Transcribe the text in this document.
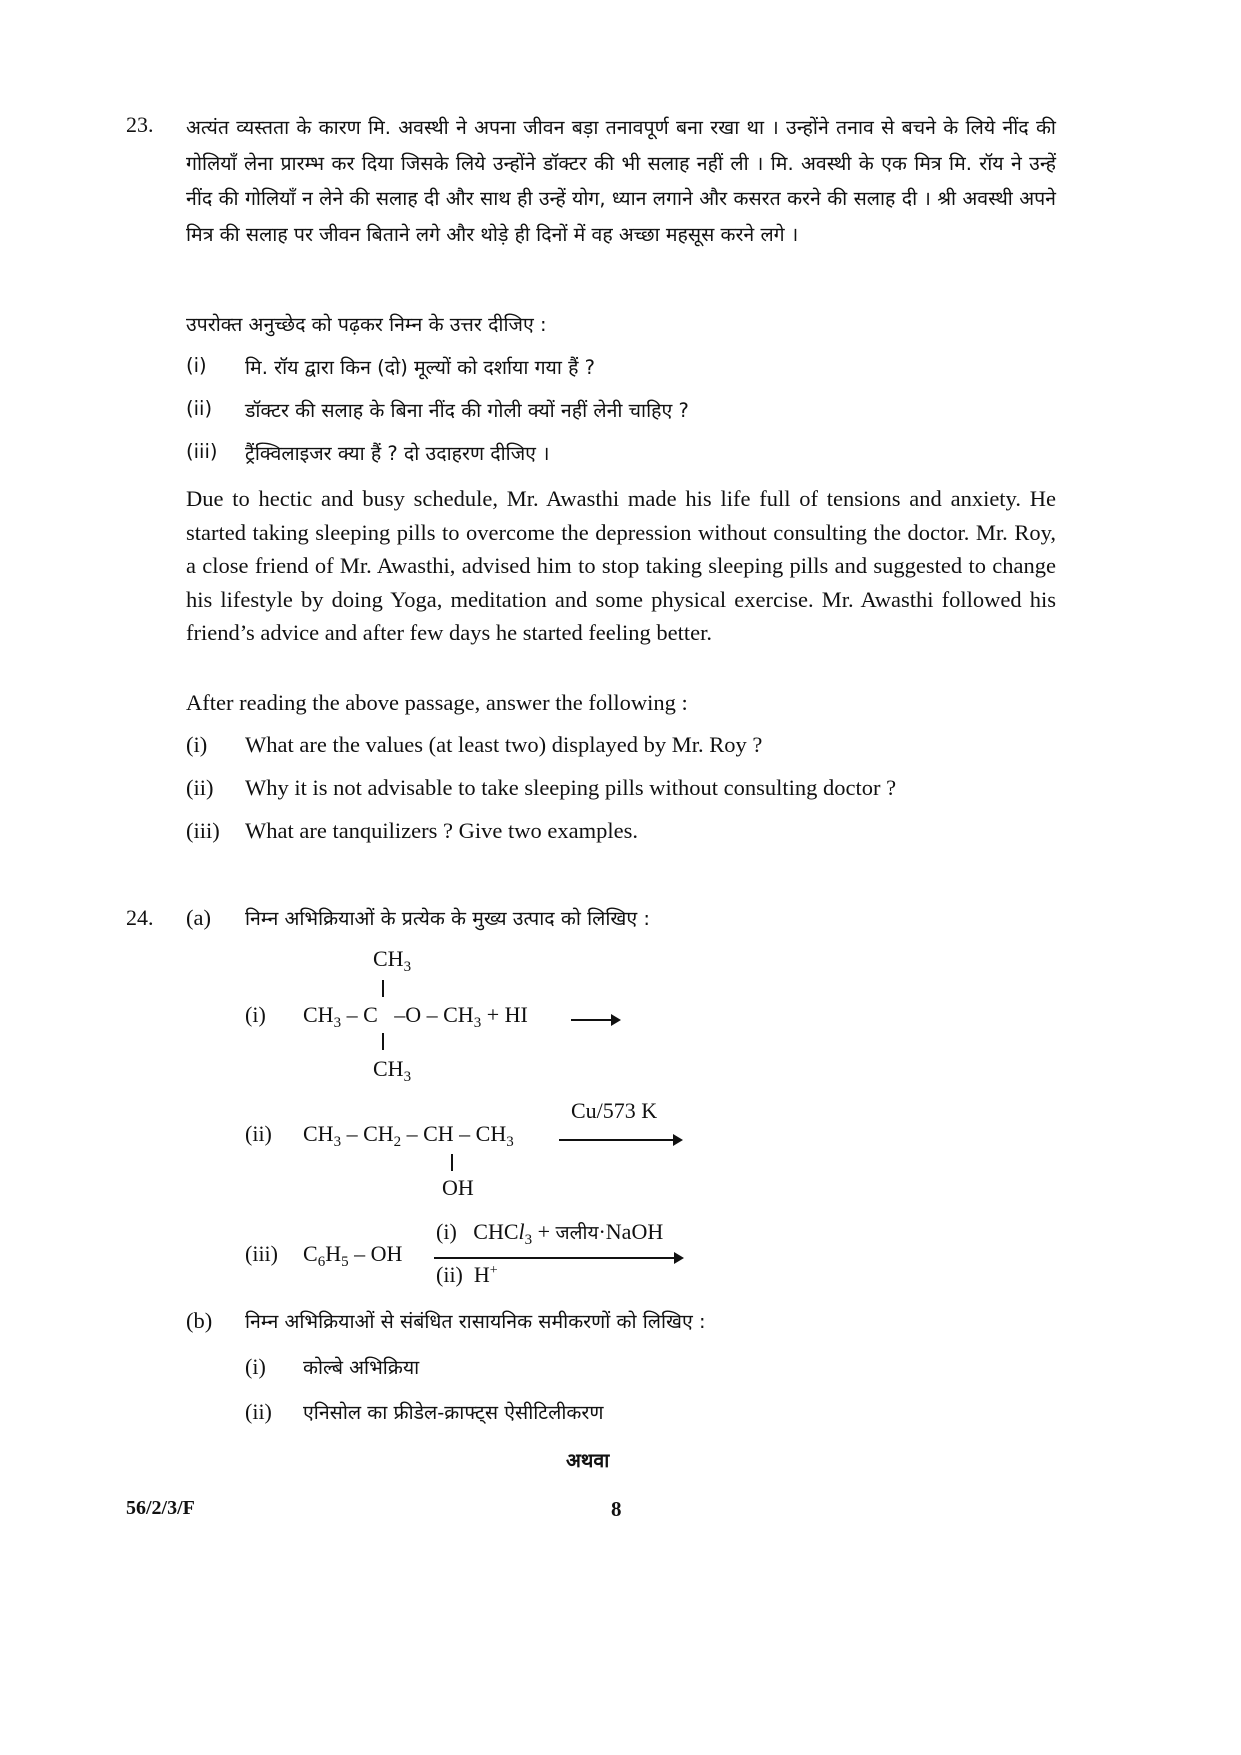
23. अत्यंत व्यस्तता के कारण मि. अवस्थी ने अपना जीवन बड़ा तनावपूर्ण बना रखा था । उन्होंने तनाव से बचने के लिये नींद की गोलियाँ लेना प्रारम्भ कर दिया जिसके लिये उन्होंने डॉक्टर की भी सलाह नहीं ली । मि. अवस्थी के एक मित्र मि. रॉय ने उन्हें नींद की गोलियाँ न लेने की सलाह दी और साथ ही उन्हें योग, ध्यान लगाने और कसरत करने की सलाह दी । श्री अवस्थी अपने मित्र की सलाह पर जीवन बिताने लगे और थोड़े ही दिनों में वह अच्छा महसूस करने लगे ।
उपरोक्त अनुच्छेद को पढ़कर निम्न के उत्तर दीजिए :
(i) मि. रॉय द्वारा किन (दो) मूल्यों को दर्शाया गया हैं ?
(ii) डॉक्टर की सलाह के बिना नींद की गोली क्यों नहीं लेनी चाहिए ?
(iii) ट्रैंक्विलाइजर क्या हैं ? दो उदाहरण दीजिए ।
Due to hectic and busy schedule, Mr. Awasthi made his life full of tensions and anxiety. He started taking sleeping pills to overcome the depression without consulting the doctor. Mr. Roy, a close friend of Mr. Awasthi, advised him to stop taking sleeping pills and suggested to change his lifestyle by doing Yoga, meditation and some physical exercise. Mr. Awasthi followed his friend’s advice and after few days he started feeling better.
After reading the above passage, answer the following :
(i) What are the values (at least two) displayed by Mr. Roy ?
(ii) Why it is not advisable to take sleeping pills without consulting doctor ?
(iii) What are tanquilizers ? Give two examples.
24. (a) निम्न अभिक्रियाओं के प्रत्येक के मुख्य उत्पाद को लिखिए :
$CH_3$
(i) $CH_3$ – C   $-O - CH_3$ + HI
$CH_3$
(ii) $CH_3 - CH_2$ – CH – $CH_3$
Cu/573 K
OH
(iii) $C_6H_5$ – OH
(i)   CHCl$_3$ + जलीय·NaOH
(ii)  H+
(b) निम्न अभिक्रियाओं से संबंधित रासायनिक समीकरणों को लिखिए :
(i) कोल्बे अभिक्रिया
(ii) एनिसोल का फ्रीडेल-क्राफ्ट्स ऐसीटिलीकरण
अथवा
56/2/3/F	8
